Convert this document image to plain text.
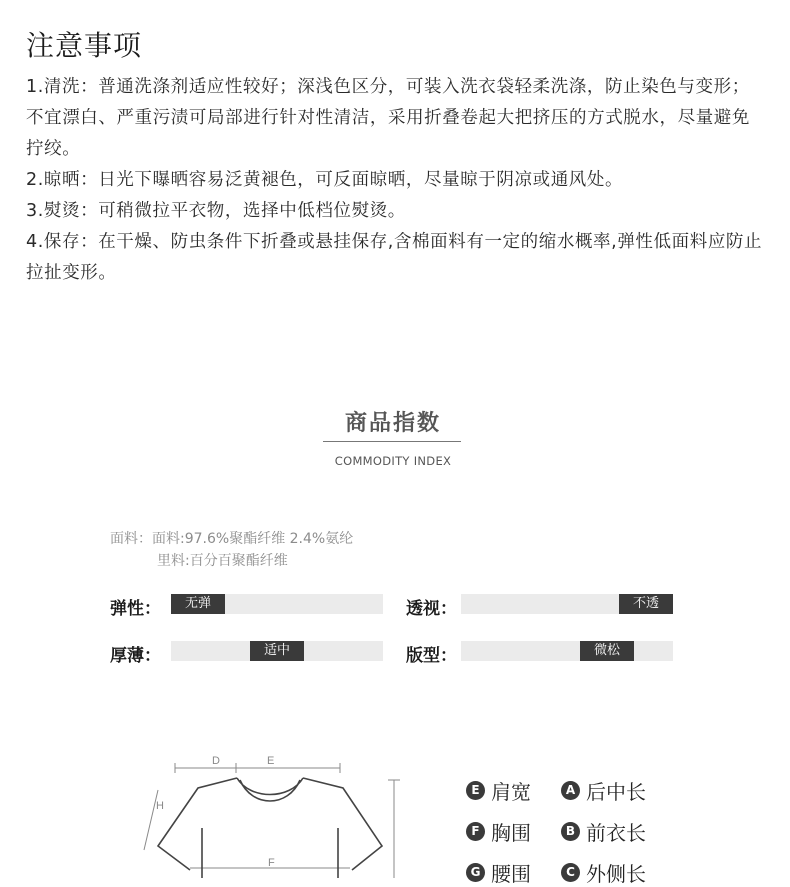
注意事项
1.清洗：普通洗涤剂适应性较好；深浅色区分，可装入洗衣袋轻柔洗涤，防止染色与变形；不宜漂白、严重污渍可局部进行针对性清洁，采用折叠卷起大把挤压的方式脱水，尽量避免拧绞。
2.晾晒：日光下曝晒容易泛黄褪色，可反面晾晒，尽量晾于阴凉或通风处。
3.熨烫：可稍微拉平衣物，选择中低档位熨烫。
4.保存：在干燥、防虫条件下折叠或悬挂保存,含棉面料有一定的缩水概率,弹性低面料应防止拉扯变形。
商品指数
COMMODITY INDEX
面料：面料:97.6%聚酯纤维 2.4%氨纶
里料:百分百聚酯纤维
弹性：	无弹	透视：	不透
厚薄：	适中	版型：	微松
D	E
H
F
E 肩宽	A 后中长
F 胸围	B 前衣长
G 腰围	C 外侧长
